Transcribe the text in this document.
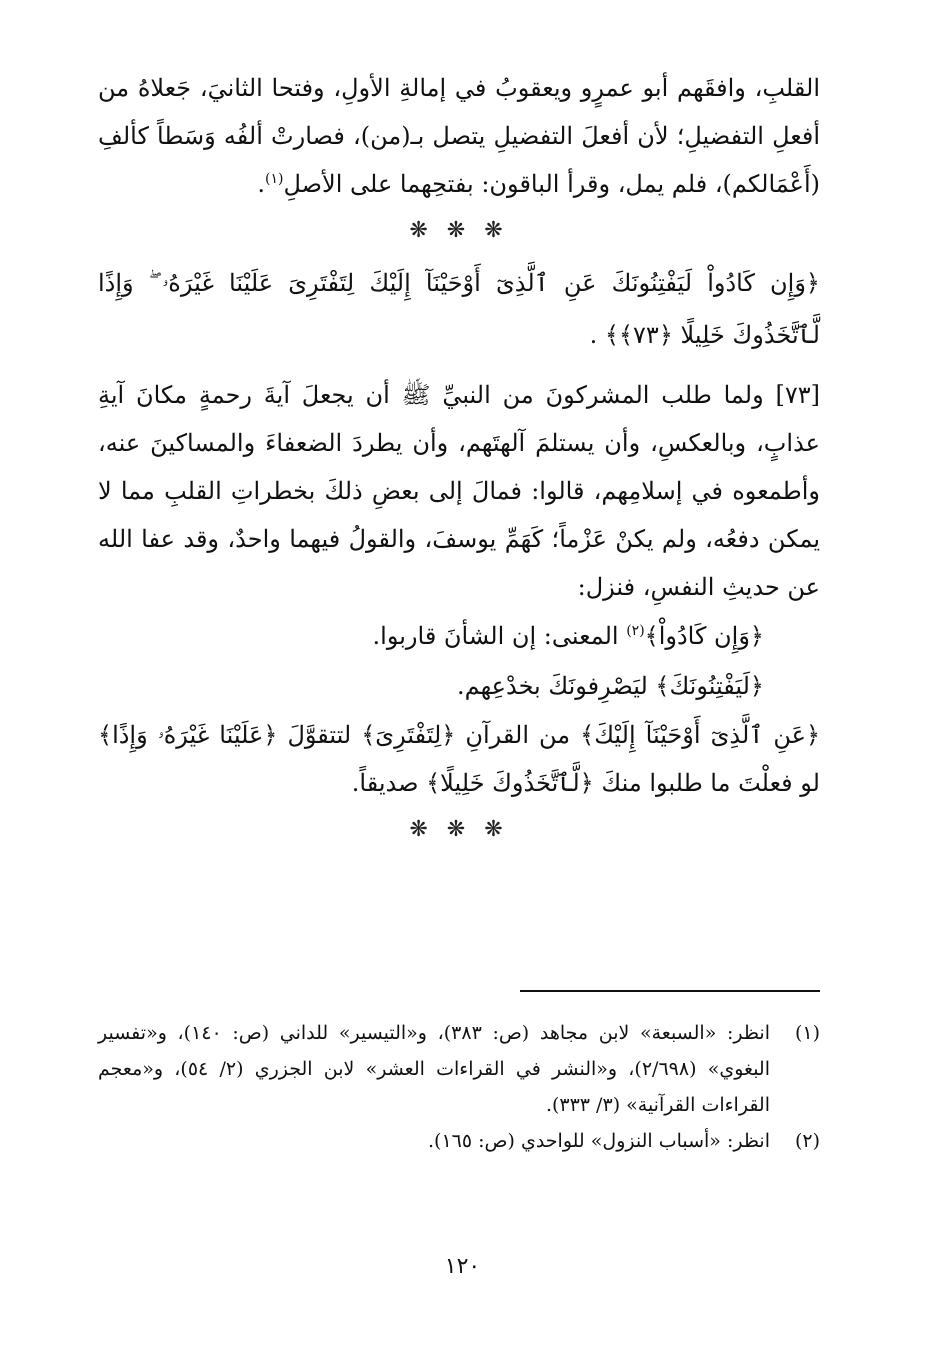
القلبِ، وافقَهم أبو عمرٍو ويعقوبُ في إمالةِ الأولِ، وفتحا الثانيَ، جَعلاهُ من أفعلِ التفضيلِ؛ لأن أفعلَ التفضيلِ يتصل بـ(من)، فصارتْ ألفُه وَسَطاً كألفِ (أَعْمَالكم)، فلم يمل، وقرأ الباقون: بفتحِهما على الأصلِ$^{(١)}$.

❋ ❋ ❋

﴿وَإِن كَادُواْ لَيَفْتِنُونَكَ عَنِ ٱلَّذِىٓ أَوْحَيْنَآ إِلَيْكَ لِتَفْتَرِىَ عَلَيْنَا غَيْرَهُۥ ۖ وَإِذًا لَّٱتَّخَذُوكَ خَلِيلًا ﴿٧٣﴾﴾ .

[٧٣] ولما طلب المشركونَ من النبيِّ ﷺ أن يجعلَ آيةَ رحمةٍ مكانَ آيةِ عذابٍ، وبالعكسِ، وأن يستلمَ آلهتَهم، وأن يطردَ الضعفاءَ والمساكينَ عنه، وأطمعوه في إسلامِهم، قالوا: فمالَ إلى بعضِ ذلكَ بخطراتِ القلبِ مما لا يمكن دفعُه، ولم يكنْ عَزْماً؛ كَهَمِّ يوسفَ، والقولُ فيهما واحدٌ، وقد عفا الله عن حديثِ النفسِ، فنزل:

﴿وَإِن كَادُواْ﴾$^{(٢)}$ المعنى: إن الشأنَ قاربوا.

﴿لَيَفْتِنُونَكَ﴾ ليَصْرِفونَكَ بخدْعِهم.

﴿عَنِ ٱلَّذِىٓ أَوْحَيْنَآ إِلَيْكَ﴾ من القرآنِ ﴿لِتَفْتَرِىَ﴾ لتتقوَّلَ ﴿عَلَيْنَا غَيْرَهُۥ وَإِذًا﴾ لو فعلْتَ ما طلبوا منكَ ﴿لَّٱتَّخَذُوكَ خَلِيلًا﴾ صديقاً.

❋ ❋ ❋
(١)
انظر: «السبعة» لابن مجاهد (ص: ٣٨٣)، و«التيسير» للداني (ص: ١٤٠)، و«تفسير البغوي» (٢/٦٩٨)، و«النشر في القراءات العشر» لابن الجزري (٢/ ٥٤)، و«معجم القراءات القرآنية» (٣/ ٣٣٣).
(٢)
انظر: «أسباب النزول» للواحدي (ص: ١٦٥).
١٢٠
